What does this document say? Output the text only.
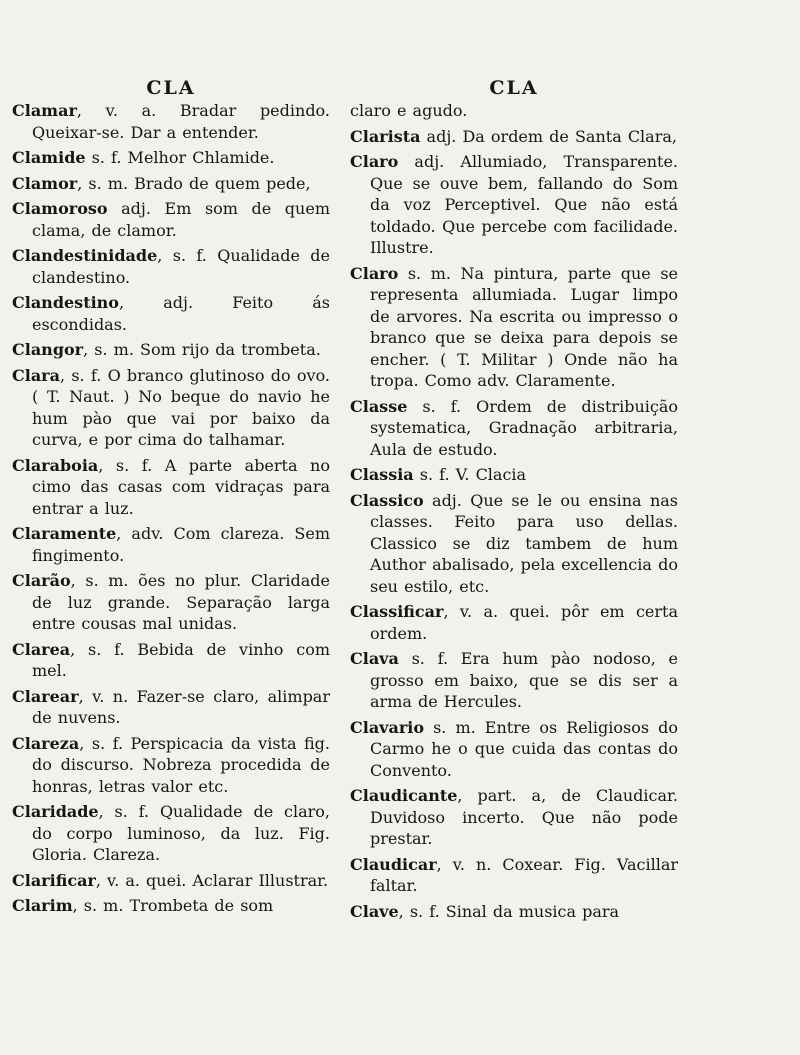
CLA

Clamar, v. a. Bradar pedindo. Queixar-se. Dar a entender.

Clamide s. f. Melhor Chlamide.

Clamor, s. m. Brado de quem pede,

Clamoroso adj. Em som de quem clama, de clamor.

Clandestinidade, s. f. Qualidade de clandestino.

Clandestino, adj. Feito ás escondidas.

Clangor, s. m. Som rijo da trombeta.

Clara, s. f. O branco glutinoso do ovo. ( T. Naut. ) No beque do navio he hum pào que vai por baixo da curva, e por cima do talhamar.

Claraboia, s. f. A parte aberta no cimo das casas com vidraças para entrar a luz.

Claramente, adv. Com clareza. Sem fingimento.

Clarão, s. m. ões no plur. Claridade de luz grande. Separação larga entre cousas mal unidas.

Clarea, s. f. Bebida de vinho com mel.

Clarear, v. n. Fazer-se claro, alimpar de nuvens.

Clareza, s. f. Perspicacia da vista fig. do discurso. Nobreza procedida de honras, letras valor etc.

Claridade, s. f. Qualidade de claro, do corpo luminoso, da luz. Fig. Gloria. Clareza.

Clarificar, v. a. quei. Aclarar Illustrar.

Clarim, s. m. Trombeta de som

CLA

claro e agudo.

Clarista adj. Da ordem de Santa Clara,

Claro adj. Allumiado, Transparente. Que se ouve bem, fallando do Som da voz Perceptivel. Que não está toldado. Que percebe com facilidade. Illustre.

Claro s. m. Na pintura, parte que se representa allumiada. Lugar limpo de arvores. Na escrita ou impresso o branco que se deixa para depois se encher. ( T. Militar ) Onde não ha tropa. Como adv. Claramente.

Classe s. f. Ordem de distribuição systematica, Gradnação arbitraria, Aula de estudo.

Classia s. f. V. Clacia

Classico adj. Que se le ou ensina nas classes. Feito para uso dellas. Classico se diz tambem de hum Author abalisado, pela excellencia do seu estilo, etc.

Classificar, v. a. quei. pôr em certa ordem.

Clava s. f. Era hum pào nodoso, e grosso em baixo, que se dis ser a arma de Hercules.

Clavario s. m. Entre os Religiosos do Carmo he o que cuida das contas do Convento.

Claudicante, part. a, de Claudicar. Duvidoso incerto. Que não pode prestar.

Claudicar, v. n. Coxear. Fig. Vacillar faltar.

Clave, s. f. Sinal da musica para
